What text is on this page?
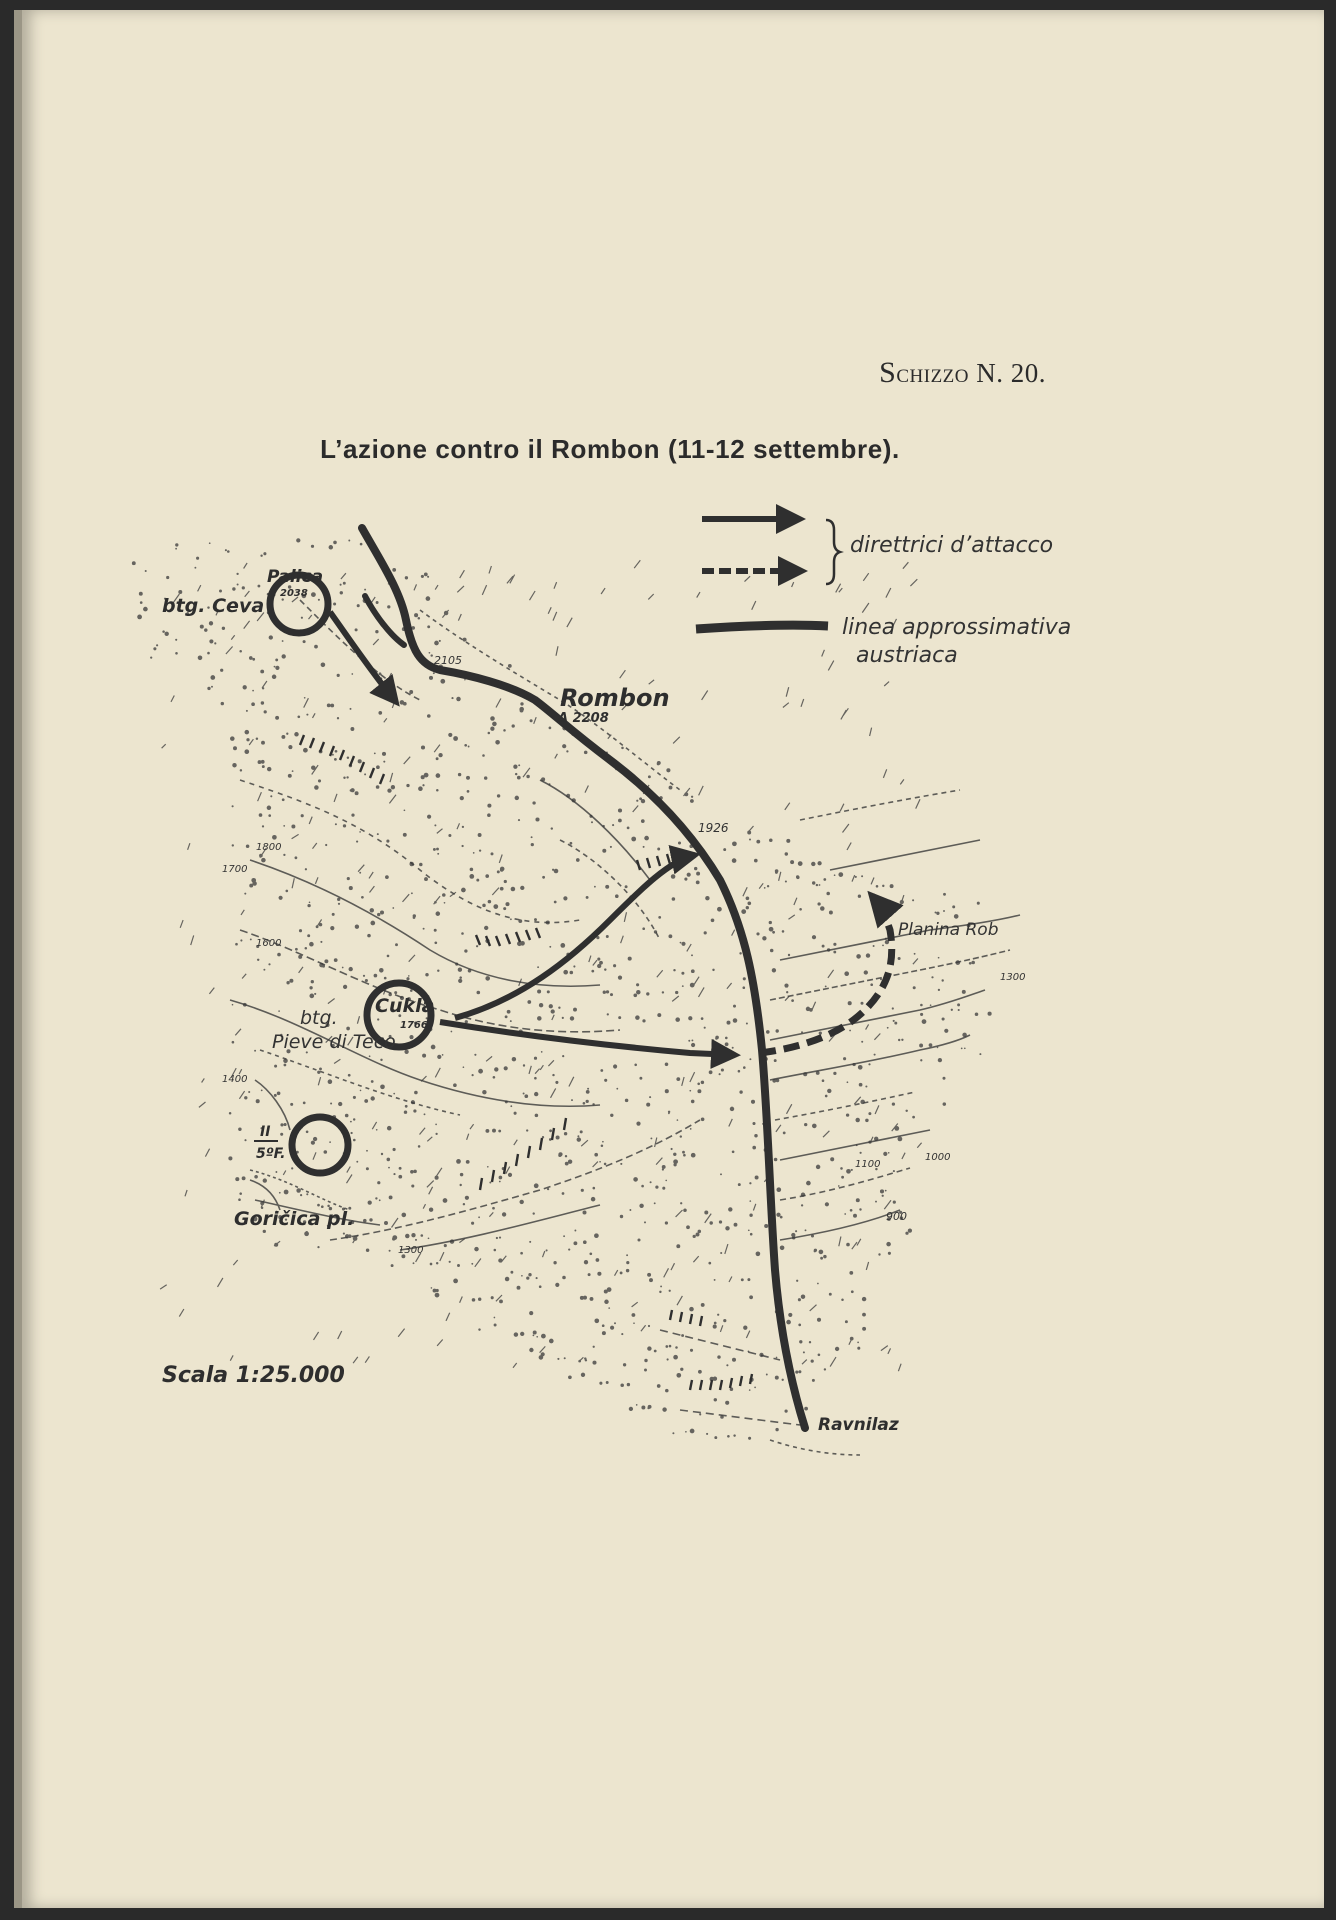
Schizzo N. 20.
L’azione contro il Rombon (11-12 settembre).
direttrici d’attacco
linea approssimativa
austriaca
Rombon
Δ 2208
2105
1926
Palica
2038
btg. Ceva
Cukla
1766
btg.
Pieve di Teco
II
5ºF.
Goričica pl.
Planina Rob
Ravnilaz
1300
1300
1100
1000
900
1700
1600
1800
1400
Scala 1:25.000
